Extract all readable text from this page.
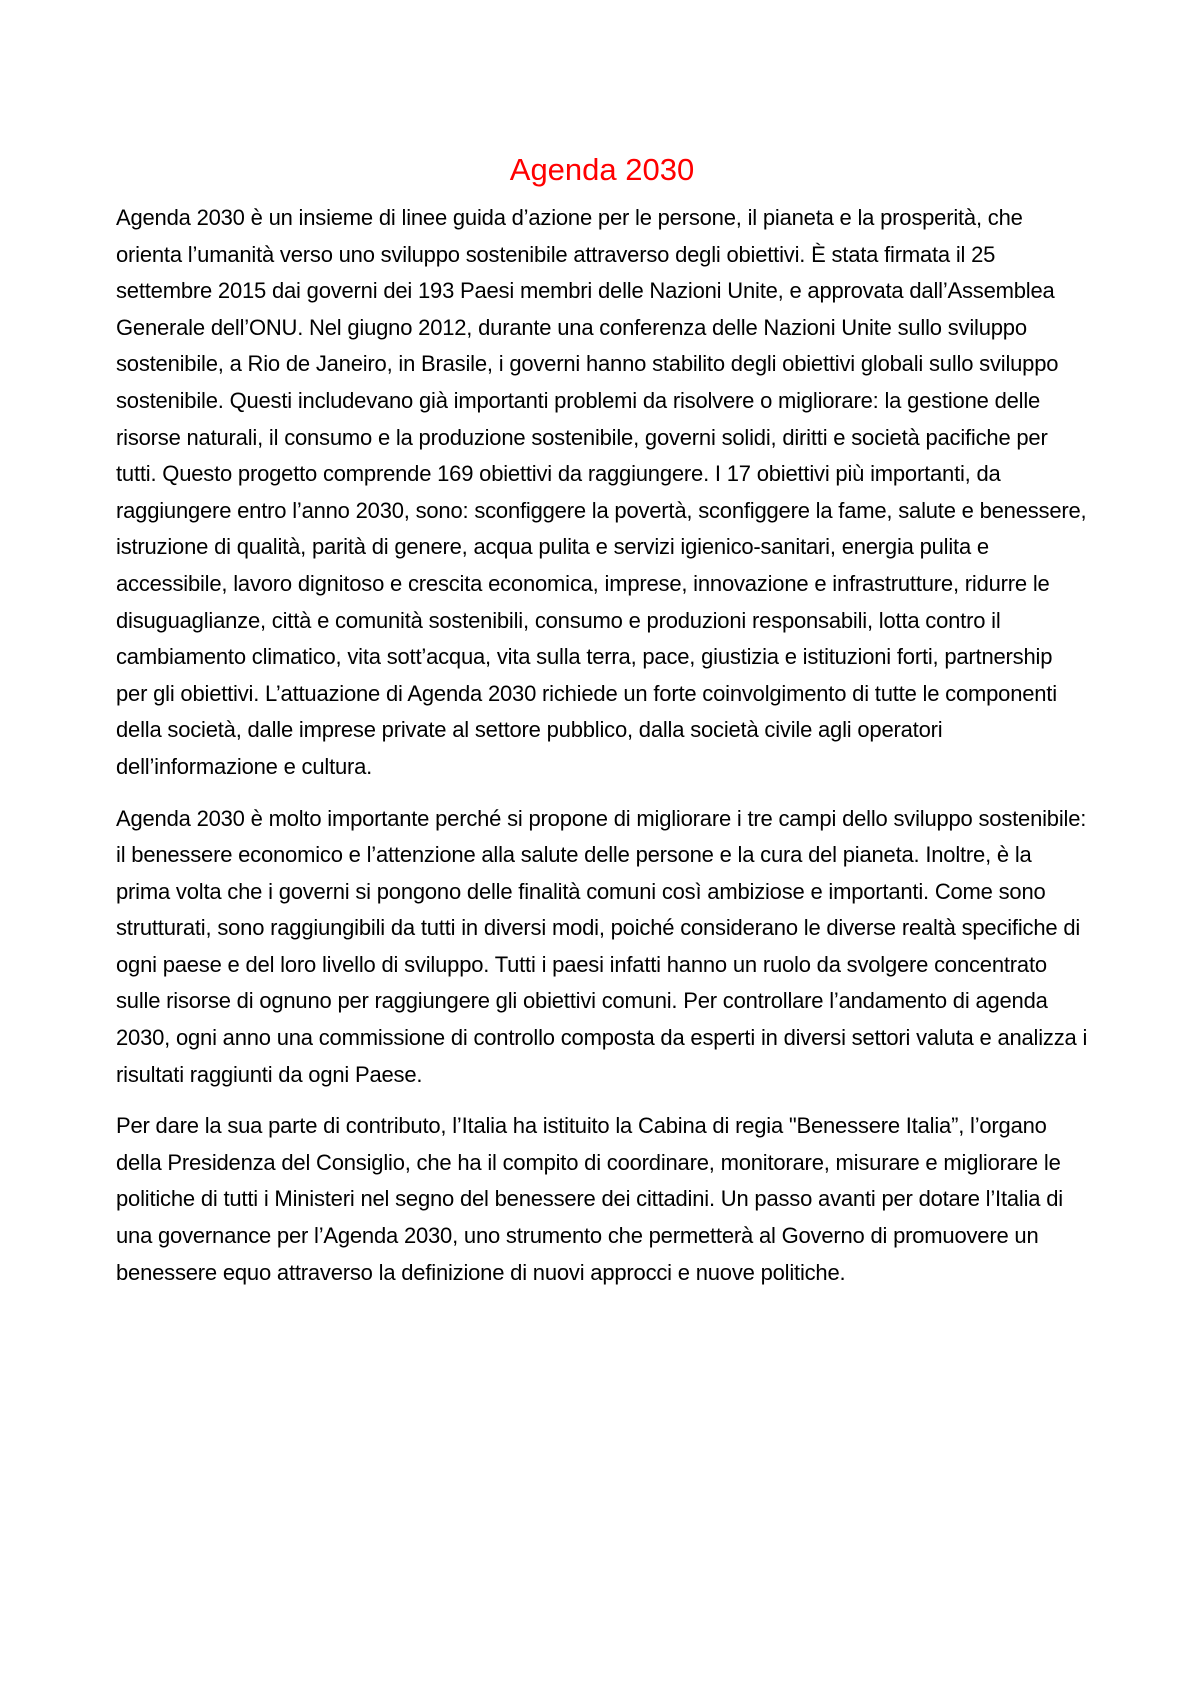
Agenda 2030

Agenda 2030 è un insieme di linee guida d’azione per le persone, il pianeta e la prosperità, che orienta l’umanità verso uno sviluppo sostenibile attraverso degli obiettivi. È stata firmata il 25 settembre 2015 dai governi dei 193 Paesi membri delle Nazioni Unite, e approvata dall’Assemblea Generale dell’ONU. Nel giugno 2012, durante una conferenza delle Nazioni Unite sullo sviluppo sostenibile, a Rio de Janeiro, in Brasile, i governi hanno stabilito degli obiettivi globali sullo sviluppo sostenibile. Questi includevano già importanti problemi da risolvere o migliorare: la gestione delle risorse naturali, il consumo e la produzione sostenibile, governi solidi, diritti e società pacifiche per tutti. Questo progetto comprende 169 obiettivi da raggiungere. I 17 obiettivi più importanti, da raggiungere entro l’anno 2030, sono: sconfiggere la povertà, sconfiggere la fame, salute e benessere, istruzione di qualità, parità di genere, acqua pulita e servizi igienico-sanitari, energia pulita e accessibile, lavoro dignitoso e crescita economica, imprese, innovazione e infrastrutture, ridurre le disuguaglianze, città e comunità sostenibili, consumo e produzioni responsabili, lotta contro il cambiamento climatico, vita sott’acqua, vita sulla terra, pace, giustizia e istituzioni forti, partnership per gli obiettivi. L’attuazione di Agenda 2030 richiede un forte coinvolgimento di tutte le componenti della società, dalle imprese private al settore pubblico, dalla società civile agli operatori dell’informazione e cultura.

Agenda 2030 è molto importante perché si propone di migliorare i tre campi dello sviluppo sostenibile: il benessere economico e l’attenzione alla salute delle persone e la cura del pianeta. Inoltre, è la prima volta che i governi si pongono delle finalità comuni così ambiziose e importanti. Come sono strutturati, sono raggiungibili da tutti in diversi modi, poiché considerano le diverse realtà specifiche di ogni paese e del loro livello di sviluppo. Tutti i paesi infatti hanno un ruolo da svolgere concentrato sulle risorse di ognuno per raggiungere gli obiettivi comuni. Per controllare l’andamento di agenda 2030, ogni anno una commissione di controllo composta da esperti in diversi settori valuta e analizza i risultati raggiunti da ogni Paese.

Per dare la sua parte di contributo, l’Italia ha istituito la Cabina di regia "Benessere Italia”, l’organo della Presidenza del Consiglio, che ha il compito di coordinare, monitorare, misurare e migliorare le politiche di tutti i Ministeri nel segno del benessere dei cittadini. Un passo avanti per dotare l’Italia di una governance per l’Agenda 2030, uno strumento che permetterà al Governo di promuovere un benessere equo attraverso la definizione di nuovi approcci e nuove politiche.
